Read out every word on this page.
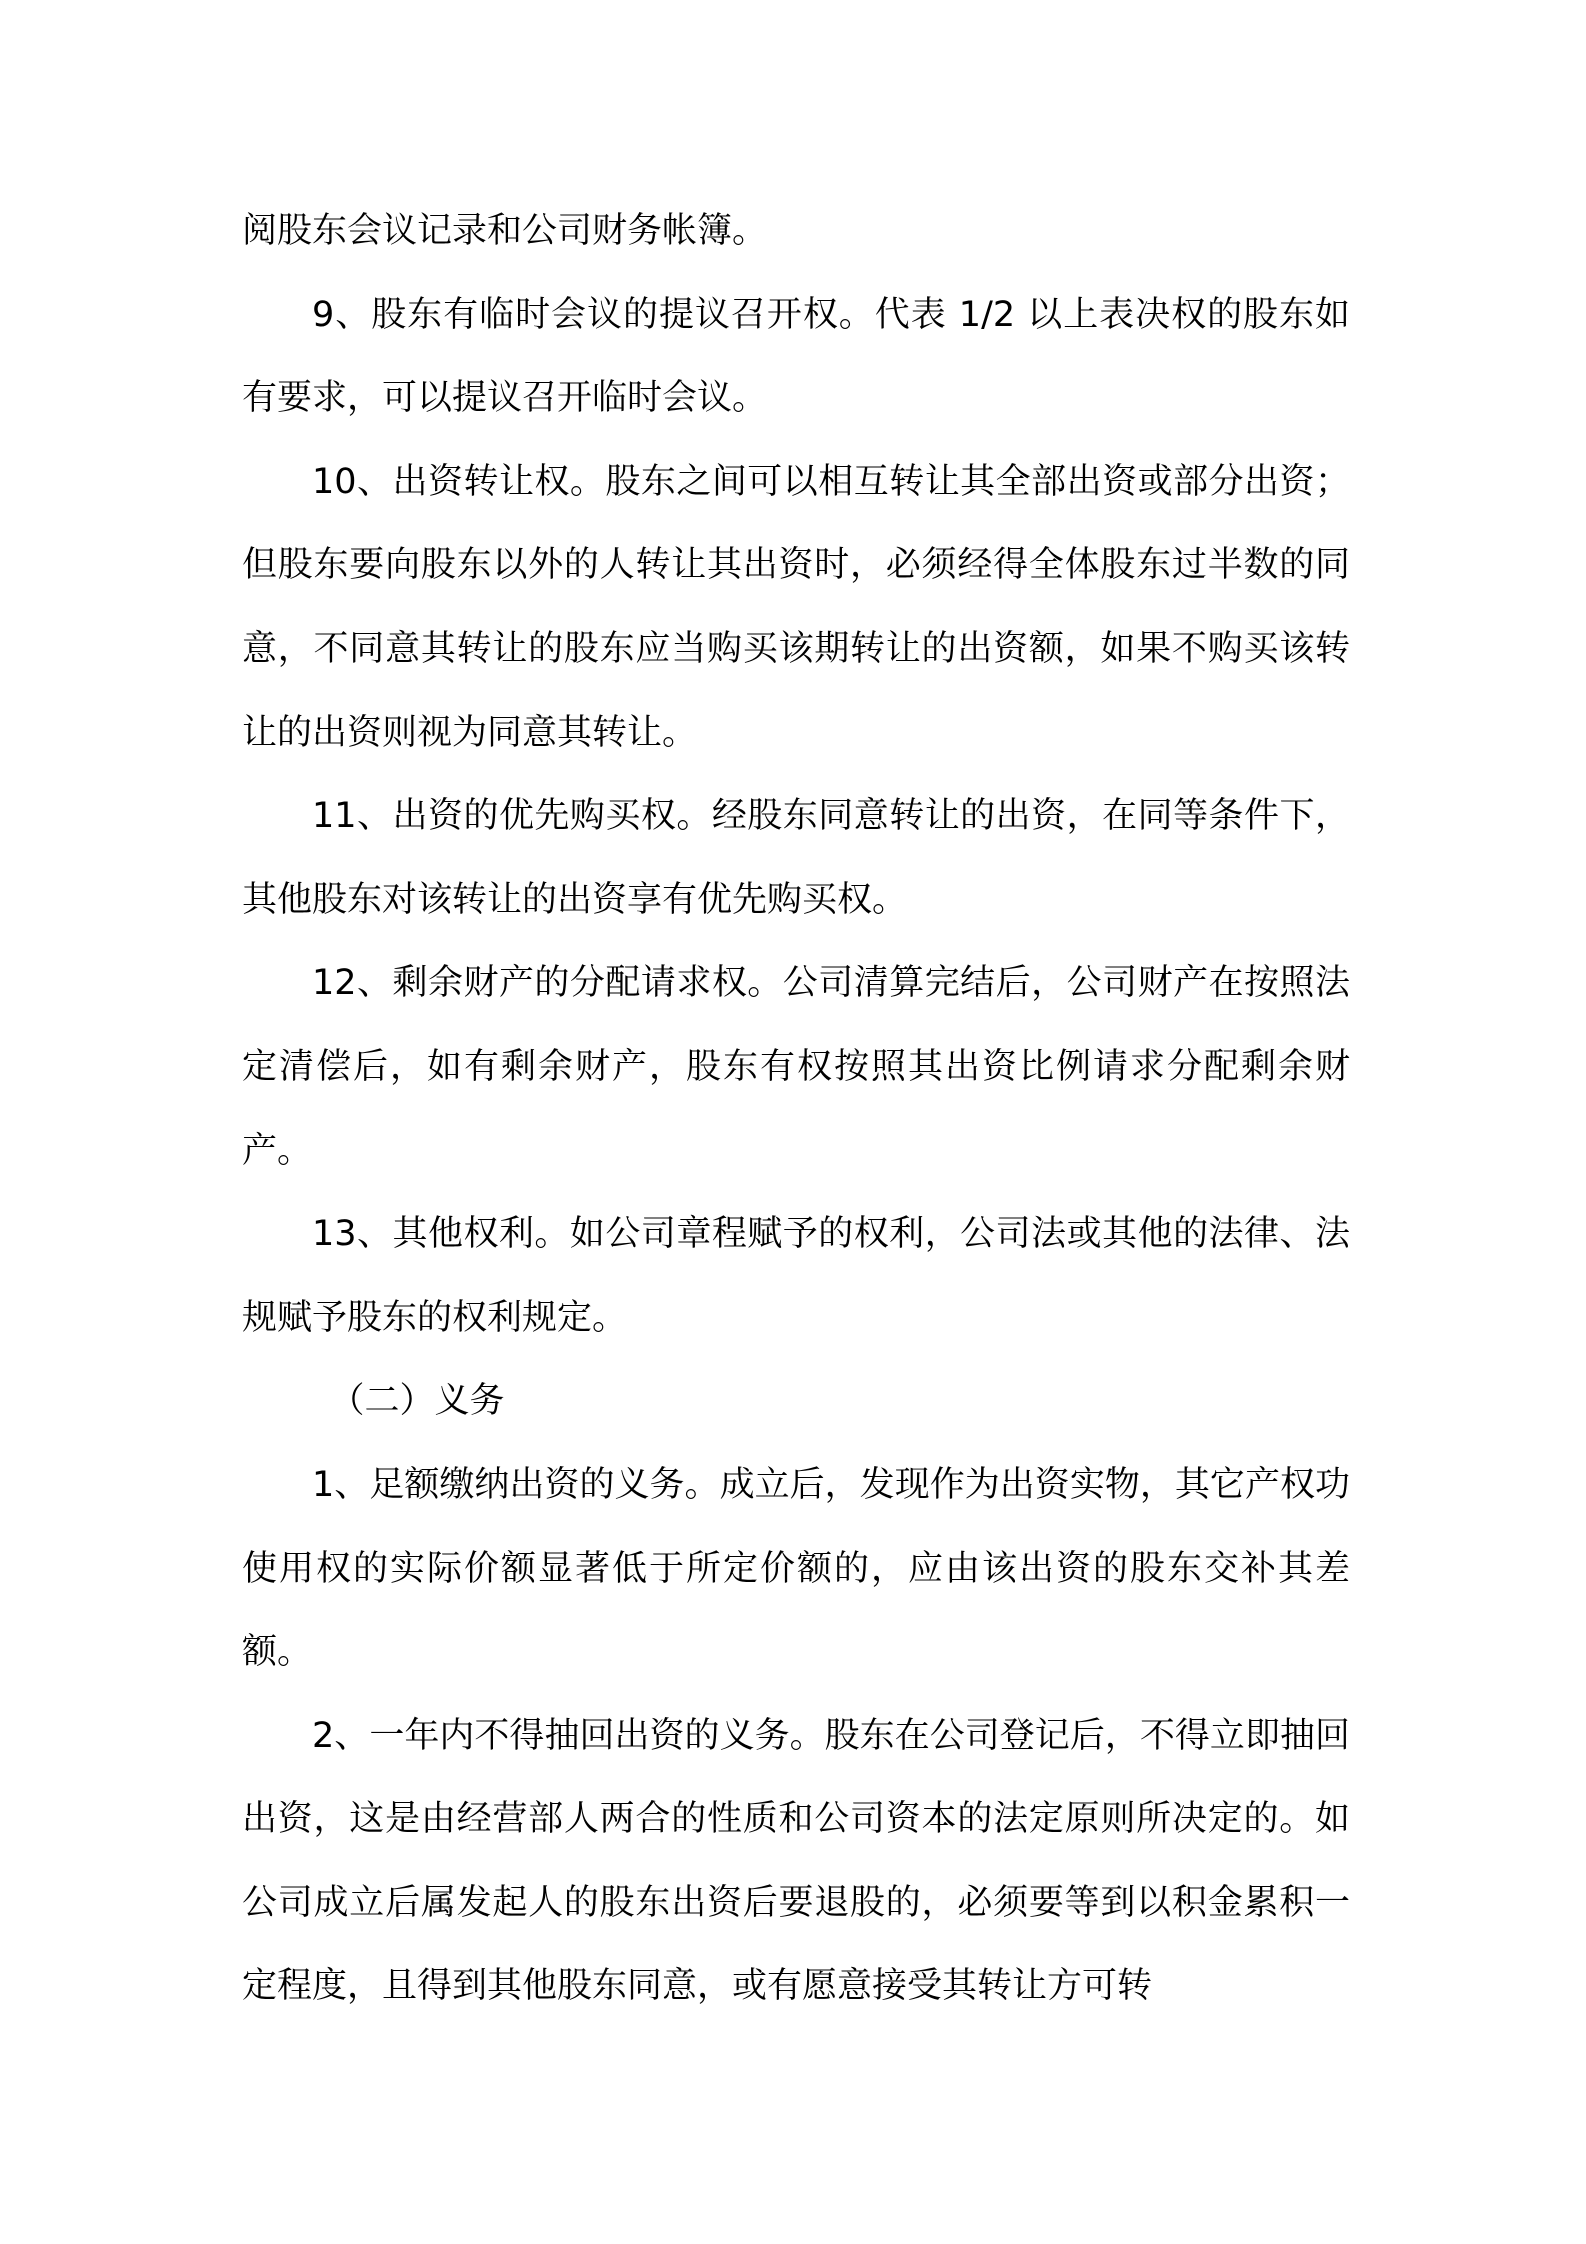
阅股东会议记录和公司财务帐簿。

9、股东有临时会议的提议召开权。代表 1/2 以上表决权的股东如有要求，可以提议召开临时会议。

10、出资转让权。股东之间可以相互转让其全部出资或部分出资；但股东要向股东以外的人转让其出资时，必须经得全体股东过半数的同意，不同意其转让的股东应当购买该期转让的出资额，如果不购买该转让的出资则视为同意其转让。

11、出资的优先购买权。经股东同意转让的出资，在同等条件下，其他股东对该转让的出资享有优先购买权。

12、剩余财产的分配请求权。公司清算完结后，公司财产在按照法定清偿后，如有剩余财产，股东有权按照其出资比例请求分配剩余财产。

13、其他权利。如公司章程赋予的权利，公司法或其他的法律、法规赋予股东的权利规定。

（二）义务

1、足额缴纳出资的义务。成立后，发现作为出资实物，其它产权功使用权的实际价额显著低于所定价额的，应由该出资的股东交补其差额。

2、一年内不得抽回出资的义务。股东在公司登记后，不得立即抽回出资，这是由经营部人两合的性质和公司资本的法定原则所决定的。如公司成立后属发起人的股东出资后要退股的，必须要等到以积金累积一定程度，且得到其他股东同意，或有愿意接受其转让方可转
